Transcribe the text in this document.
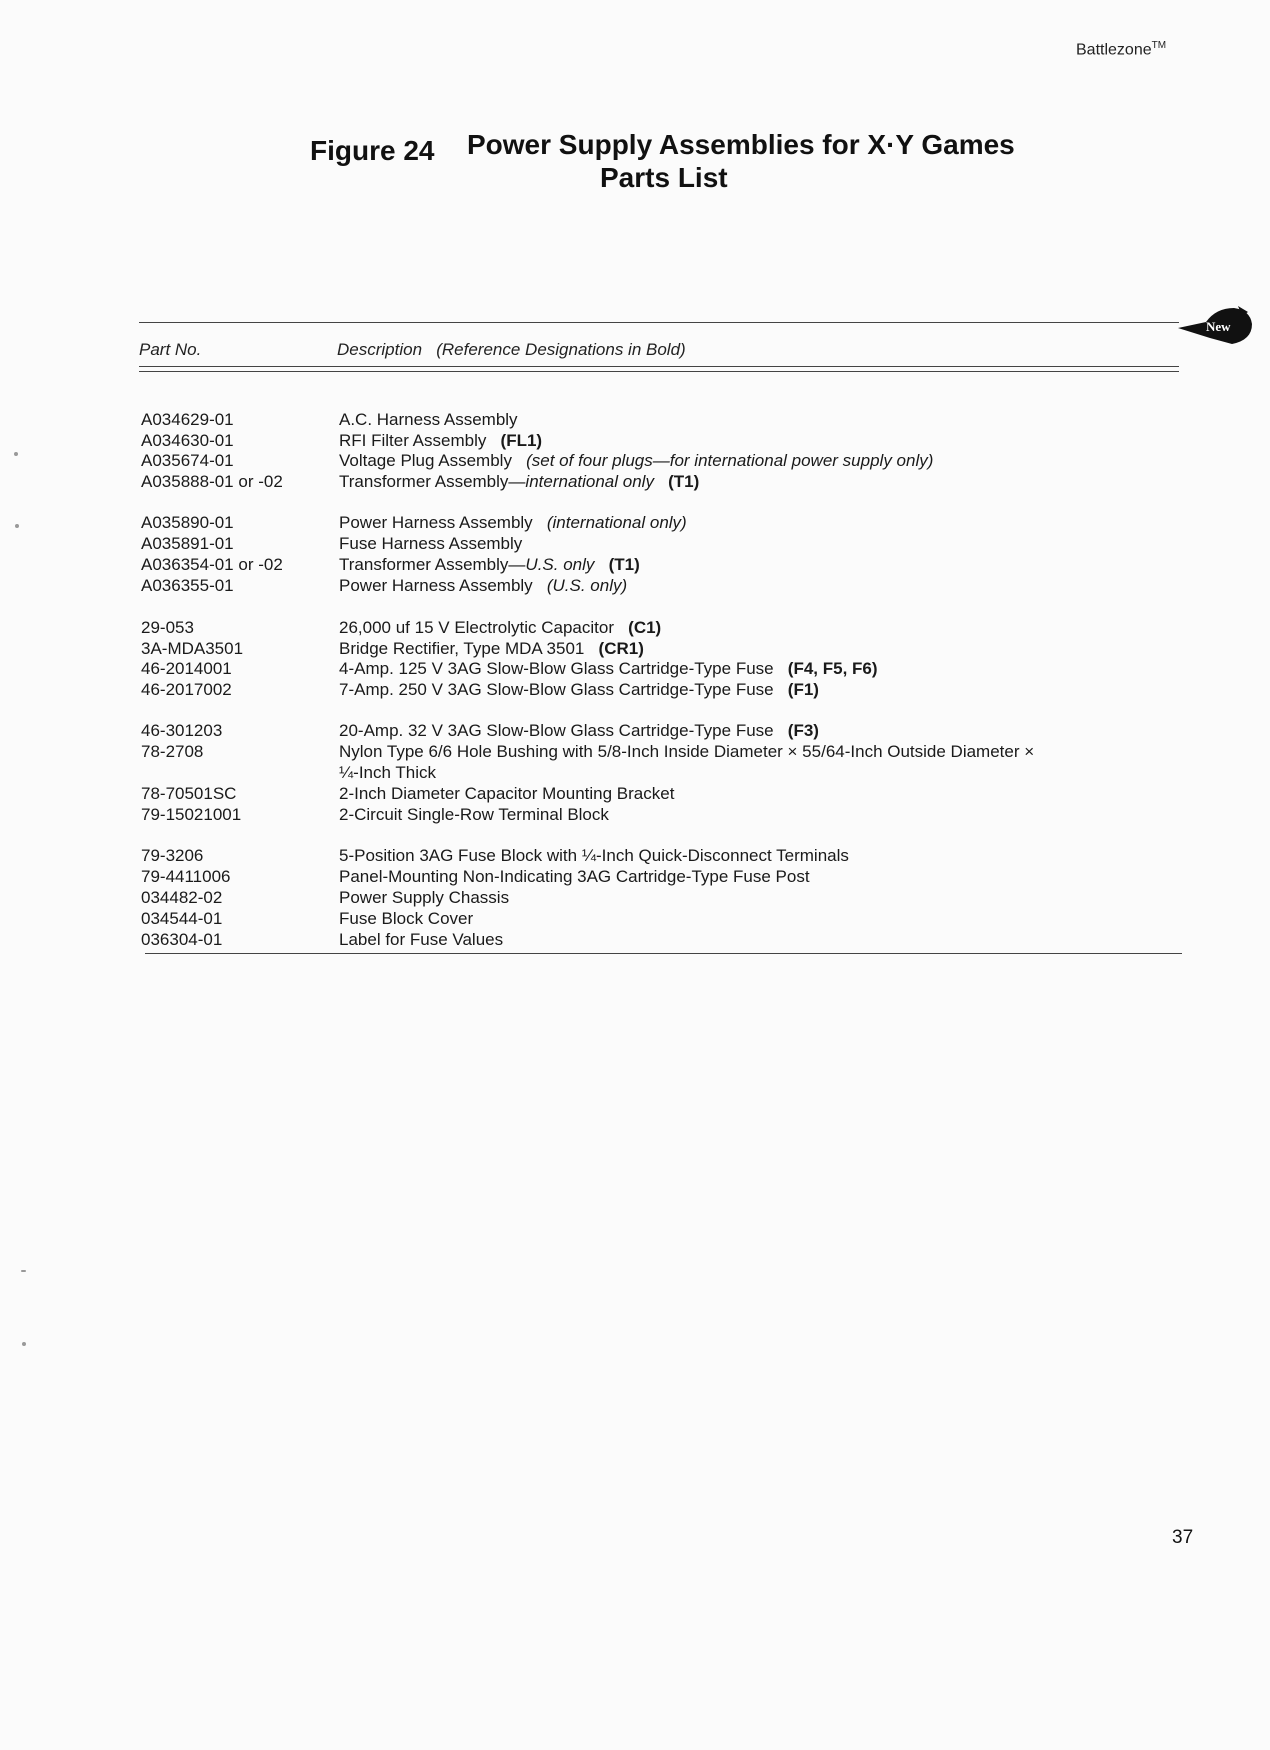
Battlezone™
Figure 24 Power Supply Assemblies for X·Y Games
Parts List
Part No.	Description (Reference Designations in Bold)
New
A034629-01	A.C. Harness Assembly
A034630-01	RFI Filter Assembly (FL1)
A035674-01	Voltage Plug Assembly (set of four plugs—for international power supply only)
A035888-01 or -02	Transformer Assembly—international only (T1)
A035890-01	Power Harness Assembly (international only)
A035891-01	Fuse Harness Assembly
A036354-01 or -02	Transformer Assembly—U.S. only (T1)
A036355-01	Power Harness Assembly (U.S. only)
29-053	26,000 uf 15 V Electrolytic Capacitor (C1)
3A-MDA3501	Bridge Rectifier, Type MDA 3501 (CR1)
46-2014001	4-Amp. 125 V 3AG Slow-Blow Glass Cartridge-Type Fuse (F4, F5, F6)
46-2017002	7-Amp. 250 V 3AG Slow-Blow Glass Cartridge-Type Fuse (F1)
46-301203	20-Amp. 32 V 3AG Slow-Blow Glass Cartridge-Type Fuse (F3)
78-2708	Nylon Type 6/6 Hole Bushing with 5/8-Inch Inside Diameter × 55/64-Inch Outside Diameter ×
¼-Inch Thick
78-70501SC	2-Inch Diameter Capacitor Mounting Bracket
79-15021001	2-Circuit Single-Row Terminal Block
79-3206	5-Position 3AG Fuse Block with ¼-Inch Quick-Disconnect Terminals
79-4411006	Panel-Mounting Non-Indicating 3AG Cartridge-Type Fuse Post
034482-02	Power Supply Chassis
034544-01	Fuse Block Cover
036304-01	Label for Fuse Values
37
